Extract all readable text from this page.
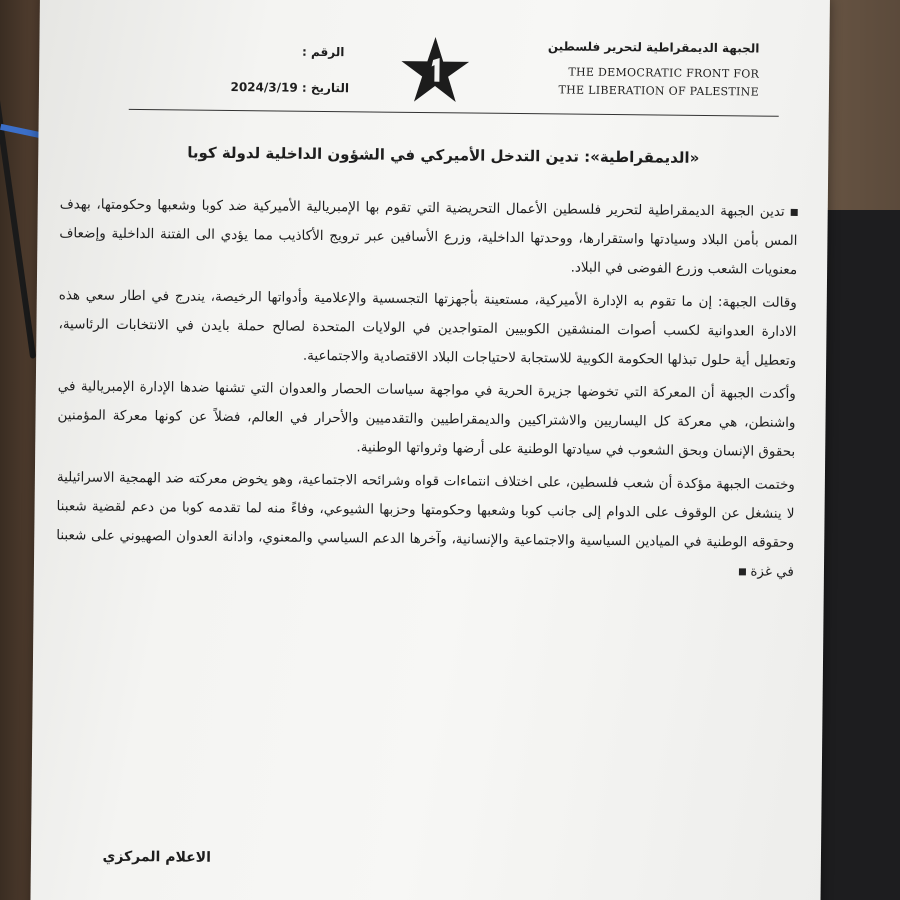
الجبهة الديمقراطية لتحرير فلسطين
THE DEMOCRATIC FRONT FOR
THE LIBERATION OF PALESTINE
الرقم :
التاريخ : 2024/3/19
«الديمقراطية»: تدين التدخل الأميركي في الشؤون الداخلية لدولة كوبا

تدين الجبهة الديمقراطية لتحرير فلسطين الأعمال التحريضية التي تقوم بها الإمبريالية الأميركية ضد كوبا وشعبها وحكومتها، بهدف المس بأمن البلاد وسيادتها واستقرارها، ووحدتها الداخلية، وزرع الأسافين عبر ترويج الأكاذيب مما يؤدي الى الفتنة الداخلية وإضعاف معنويات الشعب وزرع الفوضى في البلاد.

وقالت الجبهة: إن ما تقوم به الإدارة الأميركية، مستعينة بأجهزتها التجسسية والإعلامية وأدواتها الرخيصة، يندرج في اطار سعي هذه الادارة العدوانية لكسب أصوات المنشقين الكوبيين المتواجدين في الولايات المتحدة لصالح حملة بايدن في الانتخابات الرئاسية، وتعطيل أية حلول تبذلها الحكومة الكوبية للاستجابة لاحتياجات البلاد الاقتصادية والاجتماعية.

وأكدت الجبهة أن المعركة التي تخوضها جزيرة الحرية في مواجهة سياسات الحصار والعدوان التي تشنها ضدها الإدارة الإمبريالية في واشنطن، هي معركة كل اليساريين والاشتراكيين والديمقراطيين والتقدميين والأحرار في العالم، فضلاً عن كونها معركة المؤمنين بحقوق الإنسان وبحق الشعوب في سيادتها الوطنية على أرضها وثرواتها الوطنية.

وختمت الجبهة مؤكدة أن شعب فلسطين، على اختلاف انتماءات قواه وشرائحه الاجتماعية، وهو يخوض معركته ضد الهمجية الاسرائيلية لا ينشغل عن الوقوف على الدوام إلى جانب كوبا وشعبها وحكومتها وحزبها الشيوعي، وفاءً منه لما تقدمه كوبا من دعم لقضية شعبنا وحقوقه الوطنية في الميادين السياسية والاجتماعية والإنسانية، وآخرها الدعم السياسي والمعنوي، وادانة العدوان الصهيوني على شعبنا في غزة

الاعلام المركزي
